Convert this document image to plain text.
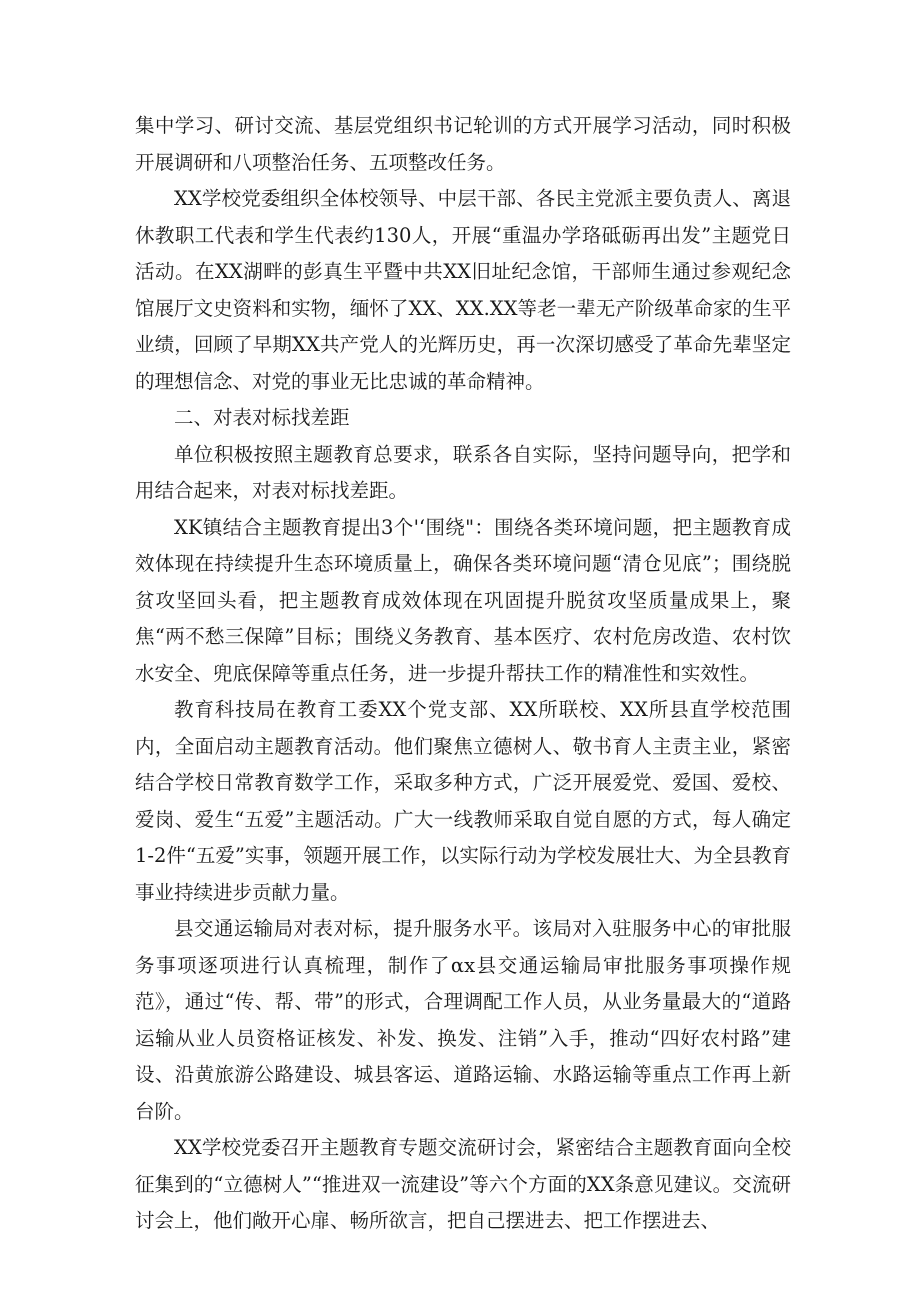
集中学习、研讨交流、基层党组织书记轮训的方式开展学习活动，同时积极开展调研和八项整治任务、五项整改任务。

XX学校党委组织全体校领导、中层干部、各民主党派主要负责人、离退休教职工代表和学生代表约130人，开展“重温办学珞砥砺再出发”主题党日活动。在XX湖畔的彭真生平暨中共XX旧址纪念馆，干部师生通过参观纪念馆展厅文史资料和实物，缅怀了XX、XX.XX等老一辈无产阶级革命家的生平业绩，回顾了早期XX共产党人的光辉历史，再一次深切感受了革命先辈坚定的理想信念、对党的事业无比忠诚的革命精神。

二、对表对标找差距

单位积极按照主题教育总要求，联系各自实际，坚持问题导向，把学和用结合起来，对表对标找差距。

XK镇结合主题教育提出3个'‘围绕"：围绕各类环境问题，把主题教育成效体现在持续提升生态环境质量上，确保各类环境问题“清仓见底”；围绕脱贫攻坚回头看，把主题教育成效体现在巩固提升脱贫攻坚质量成果上，聚焦“两不愁三保障”目标；围绕义务教育、基本医疗、农村危房改造、农村饮水安全、兜底保障等重点任务，进一步提升帮扶工作的精准性和实效性。

教育科技局在教育工委XX个党支部、XX所联校、XX所县直学校范围内，全面启动主题教育活动。他们聚焦立德树人、敬书育人主责主业，紧密结合学校日常教育数学工作，采取多种方式，广泛开展爱党、爱国、爱校、爱岗、爱生“五爱”主题活动。广大一线教师采取自觉自愿的方式，每人确定1-2件“五爱”实事，领题开展工作，以实际行动为学校发展壮大、为全县教育事业持续进步贡献力量。

县交通运输局对表对标，提升服务水平。该局对入驻服务中心的审批服务事项逐项进行认真梳理，制作了αx县交通运输局审批服务事项操作规范》，通过“传、帮、带”的形式，合理调配工作人员，从业务量最大的“道路运输从业人员资格证核发、补发、换发、注销”入手，推动“四好农村路”建设、沿黄旅游公路建设、城县客运、道路运输、水路运输等重点工作再上新台阶。

XX学校党委召开主题教育专题交流研讨会，紧密结合主题教育面向全校征集到的“立德树人”“推进双一流建设”等六个方面的XX条意见建议。交流研讨会上，他们敞开心扉、畅所欲言，把自己摆进去、把工作摆进去、
